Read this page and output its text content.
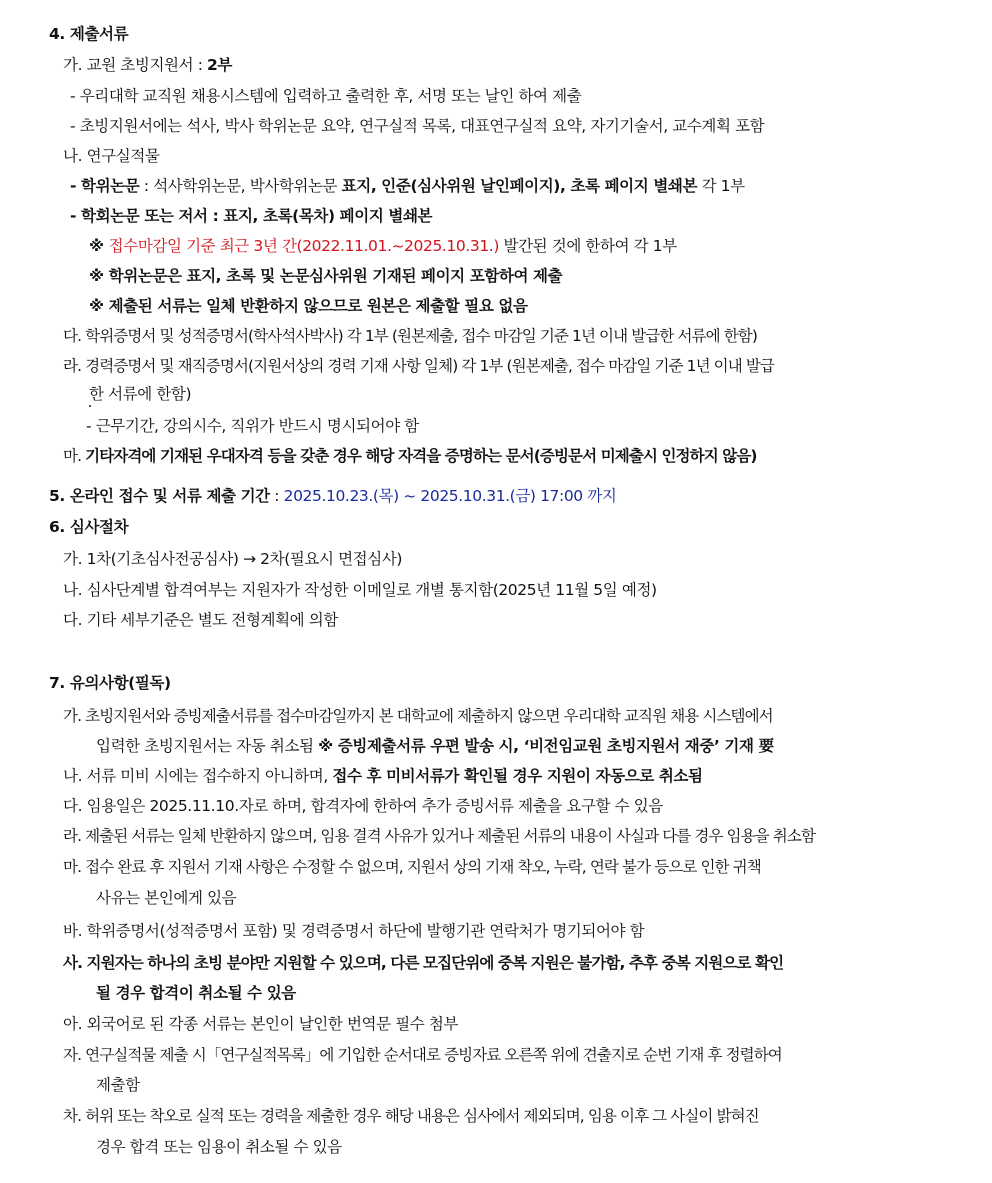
4. 제출서류
가. 교원 초빙지원서 : 2부
- 우리대학 교직원 채용시스템에 입력하고 출력한 후, 서명 또는 날인 하여 제출
- 초빙지원서에는 석사, 박사 학위논문 요약, 연구실적 목록, 대표연구실적 요약, 자기기술서, 교수계획 포함
나. 연구실적물
- 학위논문 : 석사학위논문, 박사학위논문 표지, 인준(심사위원 날인페이지), 초록 페이지 별쇄본 각 1부
- 학회논문 또는 저서 : 표지, 초록(목차) 페이지 별쇄본
※ 접수마감일 기준 최근 3년 간(2022.11.01.~2025.10.31.) 발간된 것에 한하여 각 1부
※ 학위논문은 표지, 초록 및 논문심사위원 기재된 페이지 포함하여 제출
※ 제출된 서류는 일체 반환하지 않으므로 원본은 제출할 필요 없음
다. 학위증명서 및 성적증명서(학사석사박사) 각 1부 (원본제출, 접수 마감일 기준 1년 이내 발급한 서류에 한함)
라. 경력증명서 및 재직증명서(지원서상의 경력 기재 사항 일체) 각 1부 (원본제출, 접수 마감일 기준 1년 이내 발급
한 서류에 한함)
- 근무기간, 강의시수, 직위가 반드시 명시되어야 함
마. 기타자격에 기재된 우대자격 등을 갖춘 경우 해당 자격을 증명하는 문서(증빙문서 미제출시 인정하지 않음)
5. 온라인 접수 및 서류 제출 기간 : 2025.10.23.(목) ~ 2025.10.31.(금) 17:00 까지
6. 심사절차
가. 1차(기초심사전공심사) → 2차(필요시 면접심사)
나. 심사단계별 합격여부는 지원자가 작성한 이메일로 개별 통지함(2025년 11월 5일 예정)
다. 기타 세부기준은 별도 전형계획에 의함
7. 유의사항(필독)
가. 초빙지원서와 증빙제출서류를 접수마감일까지 본 대학교에 제출하지 않으면 우리대학 교직원 채용 시스템에서
입력한 초빙지원서는 자동 취소됨 ※ 증빙제출서류 우편 발송 시, ‘비전임교원 초빙지원서 재중’ 기재 要
나. 서류 미비 시에는 접수하지 아니하며, 접수 후 미비서류가 확인될 경우 지원이 자동으로 취소됨
다. 임용일은 2025.11.10.자로 하며, 합격자에 한하여 추가 증빙서류 제출을 요구할 수 있음
라. 제출된 서류는 일체 반환하지 않으며, 임용 결격 사유가 있거나 제출된 서류의 내용이 사실과 다를 경우 임용을 취소함
마. 접수 완료 후 지원서 기재 사항은 수정할 수 없으며, 지원서 상의 기재 착오, 누락, 연락 불가 등으로 인한 귀책
사유는 본인에게 있음
바. 학위증명서(성적증명서 포함) 및 경력증명서 하단에 발행기관 연락처가 명기되어야 함
사. 지원자는 하나의 초빙 분야만 지원할 수 있으며, 다른 모집단위에 중복 지원은 불가함, 추후 중복 지원으로 확인
될 경우 합격이 취소될 수 있음
아. 외국어로 된 각종 서류는 본인이 날인한 번역문 필수 첨부
자. 연구실적물 제출 시「연구실적목록」에 기입한 순서대로 증빙자료 오른쪽 위에 견출지로 순번 기재 후 정렬하여
제출함
차. 허위 또는 착오로 실적 또는 경력을 제출한 경우 해당 내용은 심사에서 제외되며, 임용 이후 그 사실이 밝혀진
경우 합격 또는 임용이 취소될 수 있음
